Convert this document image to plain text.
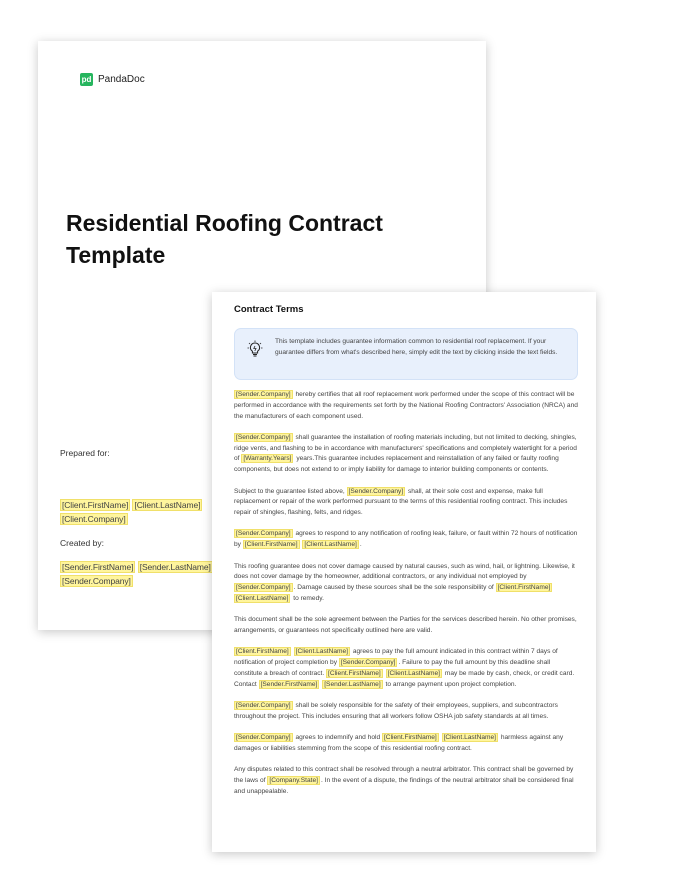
pd PandaDoc
Residential Roofing Contract Template
Prepared for:
[Client.FirstName] [Client.LastName]
[Client.Company]
Created by:
[Sender.FirstName] [Sender.LastName]
[Sender.Company]
Contract Terms
This template includes guarantee information common to residential roof replacement. If your guarantee differs from what's described here, simply edit the text by clicking inside the text fields.

[Sender.Company] hereby certifies that all roof replacement work performed under the scope of this contract will be performed in accordance with the requirements set forth by the National Roofing Contractors' Association (NRCA) and the manufacturers of each component used.

[Sender.Company] shall guarantee the installation of roofing materials including, but not limited to decking, shingles, ridge vents, and flashing to be in accordance with manufacturers' specifications and completely watertight for a period of [Warranty.Years] years.This guarantee includes replacement and reinstallation of any failed or faulty roofing components, but does not extend to or imply liability for damage to interior building components or contents.

Subject to the guarantee listed above, [Sender.Company] shall, at their sole cost and expense, make full replacement or repair of the work performed pursuant to the terms of this residential roofing contract. This includes repair of shingles, flashing, felts, and ridges.

[Sender.Company] agrees to respond to any notification of roofing leak, failure, or fault within 72 hours of notification by [Client.FirstName] [Client.LastName] .

This roofing guarantee does not cover damage caused by natural causes, such as wind, hail, or lightning. Likewise, it does not cover damage by the homeowner, additional contractors, or any individual not employed by [Sender.Company] . Damage caused by these sources shall be the sole responsibility of [Client.FirstName] [Client.LastName] to remedy.

This document shall be the sole agreement between the Parties for the services described herein. No other promises, arrangements, or guarantees not specifically outlined here are valid.

[Client.FirstName] [Client.LastName] agrees to pay the full amount indicated in this contract within 7 days of notification of project completion by [Sender.Company] . Failure to pay the full amount by this deadline shall constitute a breach of contract. [Client.FirstName] [Client.LastName] may be made by cash, check, or credit card. Contact [Sender.FirstName] [Sender.LastName] to arrange payment upon project completion.

[Sender.Company] shall be solely responsible for the safety of their employees, suppliers, and subcontractors throughout the project. This includes ensuring that all workers follow OSHA job safety standards at all times.

[Sender.Company] agrees to indemnify and hold [Client.FirstName] [Client.LastName] harmless against any damages or liabilities stemming from the scope of this residential roofing contract.

Any disputes related to this contract shall be resolved through a neutral arbitrator. This contract shall be governed by the laws of [Company.State] . In the event of a dispute, the findings of the neutral arbitrator shall be considered final and unappealable.
